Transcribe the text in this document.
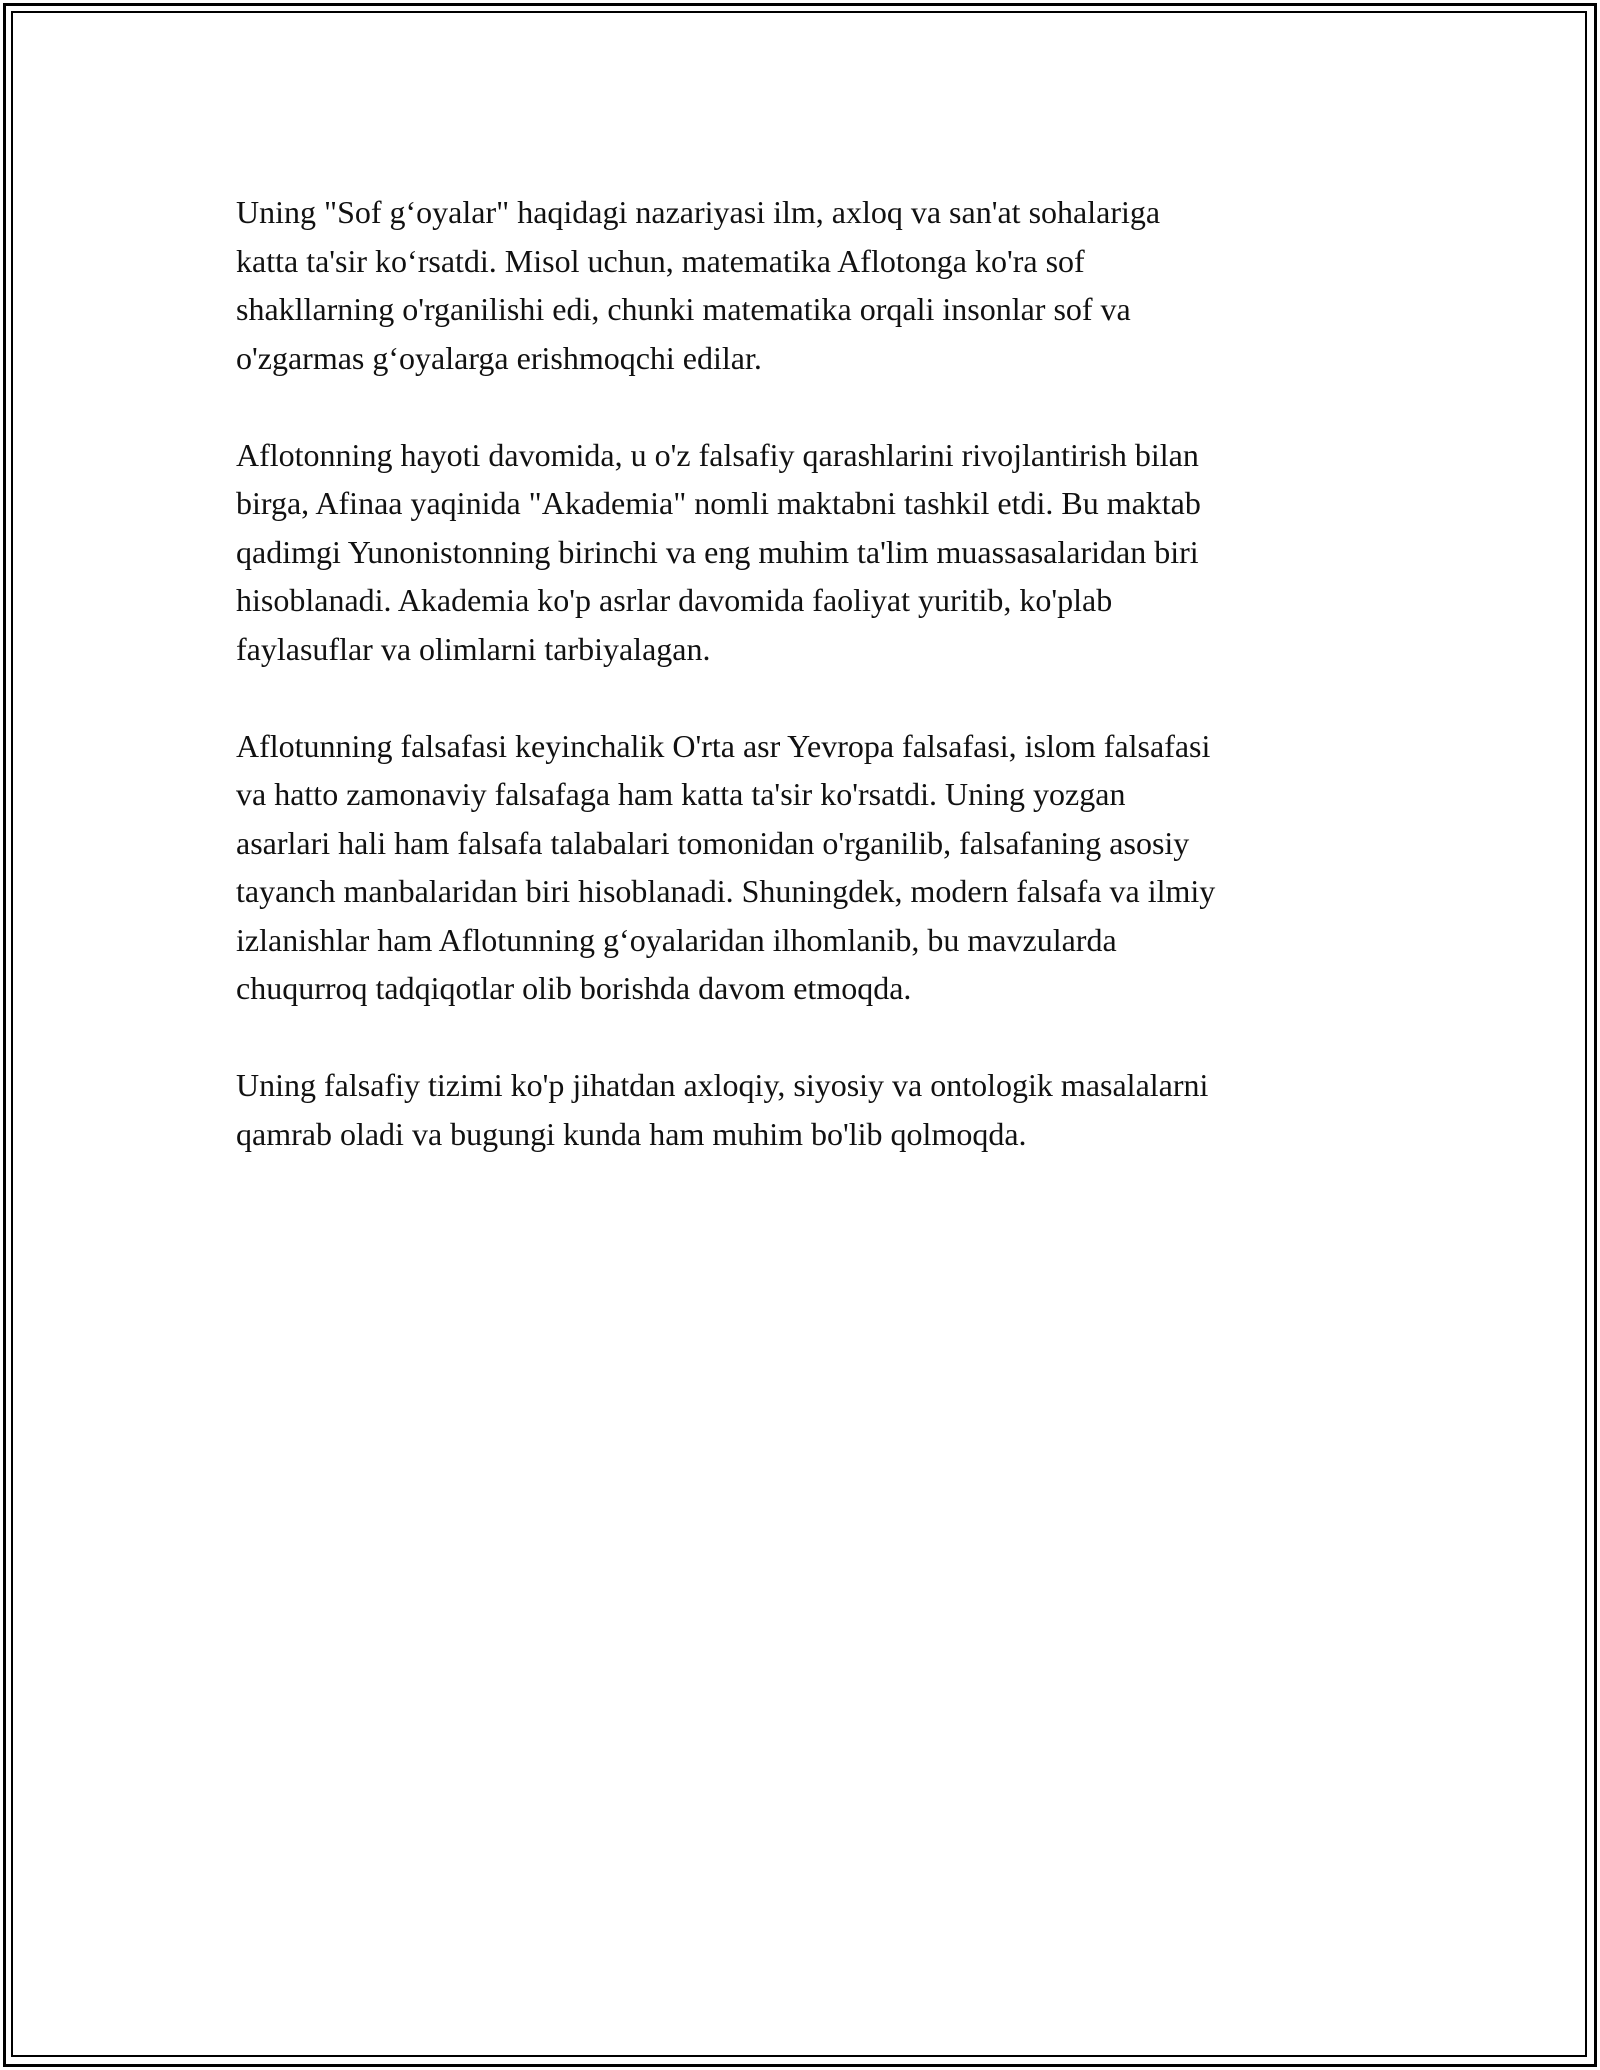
Uning "Sof g‘oyalar" haqidagi nazariyasi ilm, axloq va san'at sohalariga
katta ta'sir ko‘rsatdi. Misol uchun, matematika Aflotonga ko'ra sof
shakllarning o'rganilishi edi, chunki matematika orqali insonlar sof va
o'zgarmas g‘oyalarga erishmoqchi edilar.

Aflotonning hayoti davomida, u o'z falsafiy qarashlarini rivojlantirish bilan
birga, Afinaa yaqinida "Akademia" nomli maktabni tashkil etdi. Bu maktab
qadimgi Yunonistonning birinchi va eng muhim ta'lim muassasalaridan biri
hisoblanadi. Akademia ko'p asrlar davomida faoliyat yuritib, ko'plab
faylasuflar va olimlarni tarbiyalagan.

Aflotunning falsafasi keyinchalik O'rta asr Yevropa falsafasi, islom falsafasi
va hatto zamonaviy falsafaga ham katta ta'sir ko'rsatdi. Uning yozgan
asarlari hali ham falsafa talabalari tomonidan o'rganilib, falsafaning asosiy
tayanch manbalaridan biri hisoblanadi. Shuningdek, modern falsafa va ilmiy
izlanishlar ham Aflotunning g‘oyalaridan ilhomlanib, bu mavzularda
chuqurroq tadqiqotlar olib borishda davom etmoqda.

Uning falsafiy tizimi ko'p jihatdan axloqiy, siyosiy va ontologik masalalarni
qamrab oladi va bugungi kunda ham muhim bo'lib qolmoqda.
